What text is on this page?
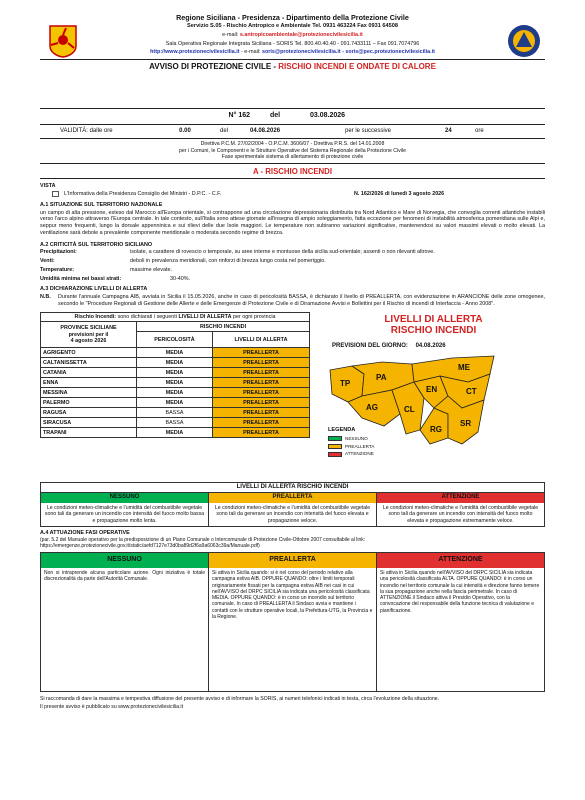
Regione Siciliana - Presidenza - Dipartimento della Protezione Civile
Servizio S.05 - Rischio Antropico e Ambientale Tel. 0931 463224 Fax 0931 64508
e-mail: s.antropicoambientale@protezionecivilesicilia.it
Sala Operativa Regionale Integrata Siciliana - SORIS Tel. 800.40.40.40 - 091.7433111 – Fax 091.7074796
http://www.protezionecivilesicilia.it - e-mail: soris@protezionecivilesicilia.it - soris@pec.protezionecivilesicilia.it
AVVISO DI PROTEZIONE CIVILE - RISCHIO INCENDI E ONDATE DI CALORE
N° 162	del	03.08.2026
VALIDITÀ: dalle ore	0.00	del	04.08.2026	per le successive	24	ore
Direttiva P.C.M. 27/02/2004 - O.P.C.M. 3606/07 - Direttiva P.R.S. del 14.01.2008
per i Comuni, le Componenti e le Strutture Operative del Sistema Regionale della Protezione Civile
Fase sperimentale sistema di allertamento di protezione civile
A - RISCHIO INCENDI
VISTA
L'Informativa della Presidenza Consiglio dei Ministri - D.P.C. - C.F.	N. 162/2026 di lunedì 3 agosto 2026
A.1 SITUAZIONE SUL TERRITORIO NAZIONALE
un campo di alta pressione, esteso dal Marocco all'Europa orientale, si contrappone ad una circolazione depressionaria distribuita tra Nord Atlantico e Mare di Norvegia, che convoglia correnti atlantiche instabili verso l'arco alpino attraverso l'Europa centrale. In tale contesto, sull'Italia sono attese giornate all'insegna di ampio soleggiamento, fatta eccezione per fenomeni di instabilità atmosferica pomeridiana sulle Alpi e, seppur meno frequenti, lungo la dorsale appenninica e sui rilievi delle due Isole maggiori. Le temperature non subiranno variazioni significative, mantenendosi su valori massimi elevati o molto elevati. La ventilazione sarà debole a prevalente componente meridionale o moderata secondo regime di brezza.
A.2 CRITICITÀ SUL TERRITORIO SICILIANO
Precipitazioni:	isolate, a carattere di rovescio o temporale, su aree interne e montuose della sicilia sud-orientale; assenti o non rilevanti altrove.
Venti:	deboli in prevalenza meridionali, con rinforzi di brezza lungo costa nel pomeriggio.
Temperature:	massime elevate.
Umidità minima nei bassi strati:	30-40%.
A.3 DICHIARAZIONE LIVELLI DI ALLERTA
N.B.	Durante l'annuale Campagna AIB, avviata in Sicilia il 15.05.2026, anche in caso di pericolosità BASSA, è dichiarato il livello di PREALLERTA, con evidenziazione in ARANCIONE delle zone omogenee, secondo le "Procedure Regionali di Gestione delle Allerte e delle Emergenze di Protezione Civile e di Diramazione Avvisi e Bollettini per il Rischio di incendi di Interfaccia - Anno 2008".
Rischio Incendi: sono dichiarati i seguenti LIVELLI DI ALLERTA per ogni provincia
PROVINCE SICILIANE
previsioni per il
4 agosto 2026	RISCHIO INCENDI	
	PERICOLOSITÀ	LIVELLI DI ALLERTA
AGRIGENTO	MEDIA	PREALLERTA
CALTANISSETTA	MEDIA	PREALLERTA
CATANIA	MEDIA	PREALLERTA
ENNA	MEDIA	PREALLERTA
MESSINA	MEDIA	PREALLERTA
PALERMO	MEDIA	PREALLERTA
RAGUSA	BASSA	PREALLERTA
SIRACUSA	BASSA	PREALLERTA
TRAPANI	MEDIA	PREALLERTA
LIVELLI DI ALLERTA
RISCHIO INCENDI
PREVISIONI DEL GIORNO: 04.08.2026
TP
PA
AG	CL
EN
ME
CT
RG
SR
LEGENDA
NESSUNO
PREALLERTA
ATTENZIONE
LIVELLI DI ALLERTA RISCHIO INCENDI
NESSUNO
Le condizioni meteo-climatiche e l'umidità del combustibile vegetale sono tali da generare un incendio con intensità del fuoco molto bassa e propagazione molto lenta.
PREALLERTA
Le condizioni meteo-climatiche e l'umidità del combustibile vegetale sono tali da generare un incendio con intensità del fuoco elevata e propagazione veloce.
ATTENZIONE
Le condizioni meteo-climatiche e l'umidità del combustibile vegetale sono tali da generare un incendio con intensità del fuoco molto elevata e propagazione estremamente veloce.
A.4 ATTUAZIONE FASI OPERATIVE
(par. 5.2 del Manuale operativo per la predisposizione di un Piano Comunale o Intercomunale di Protezione Civile-Ottobre 2007 consultabile al link: https://emergenze.protezionecivile.gov.it/static/aefd7127e73d0ba89d2f6a9a6063c39a/Manuale.pdf)
NESSUNO
Non si intraprende alcuna particolare azione. Ogni iniziativa è totale discrezionalità da parte dell'Autorità Comunale.
PREALLERTA
Si attiva in Sicilia quando: si è nel corso del periodo relativo alla campagna estiva AIB. OPPURE QUANDO: oltre i limiti temporali originariamente fissati per la campagna estiva AIB nei casi in cui nell'AVVISO del DRPC SICILIA sia indicata una pericolosità classificata MEDIA. OPPURE QUANDO: è in corso un incendio sul territorio comunale. In caso di PREALLERTA il Sindaco avvia e mantiene i contatti con le strutture operative locali, la Prefettura-UTG, la Provincia e la Regione.
ATTENZIONE
Si attiva in Sicilia quando nell'AVVISO del DRPC SICILIA sia indicata una pericolosità classificata ALTA. OPPURE QUANDO: è in corso un incendio nel territorio comunale la cui intensità e direzione fanno temere la sua propagazione anche nella fascia perimetrale. In caso di ATTENZIONE il Sindaco attiva il Presidio Operativo, con la convocazione del responsabile della funzione tecnica di valutazione e pianificazione.
Si raccomanda di dare la massima e tempestiva diffusione del presente avviso e di informare la SORIS, ai numeri telefonici indicati in testa, circa l'evoluzione della situazione.
Il presente avviso è pubblicato su www.protezionecivilesicilia.it
